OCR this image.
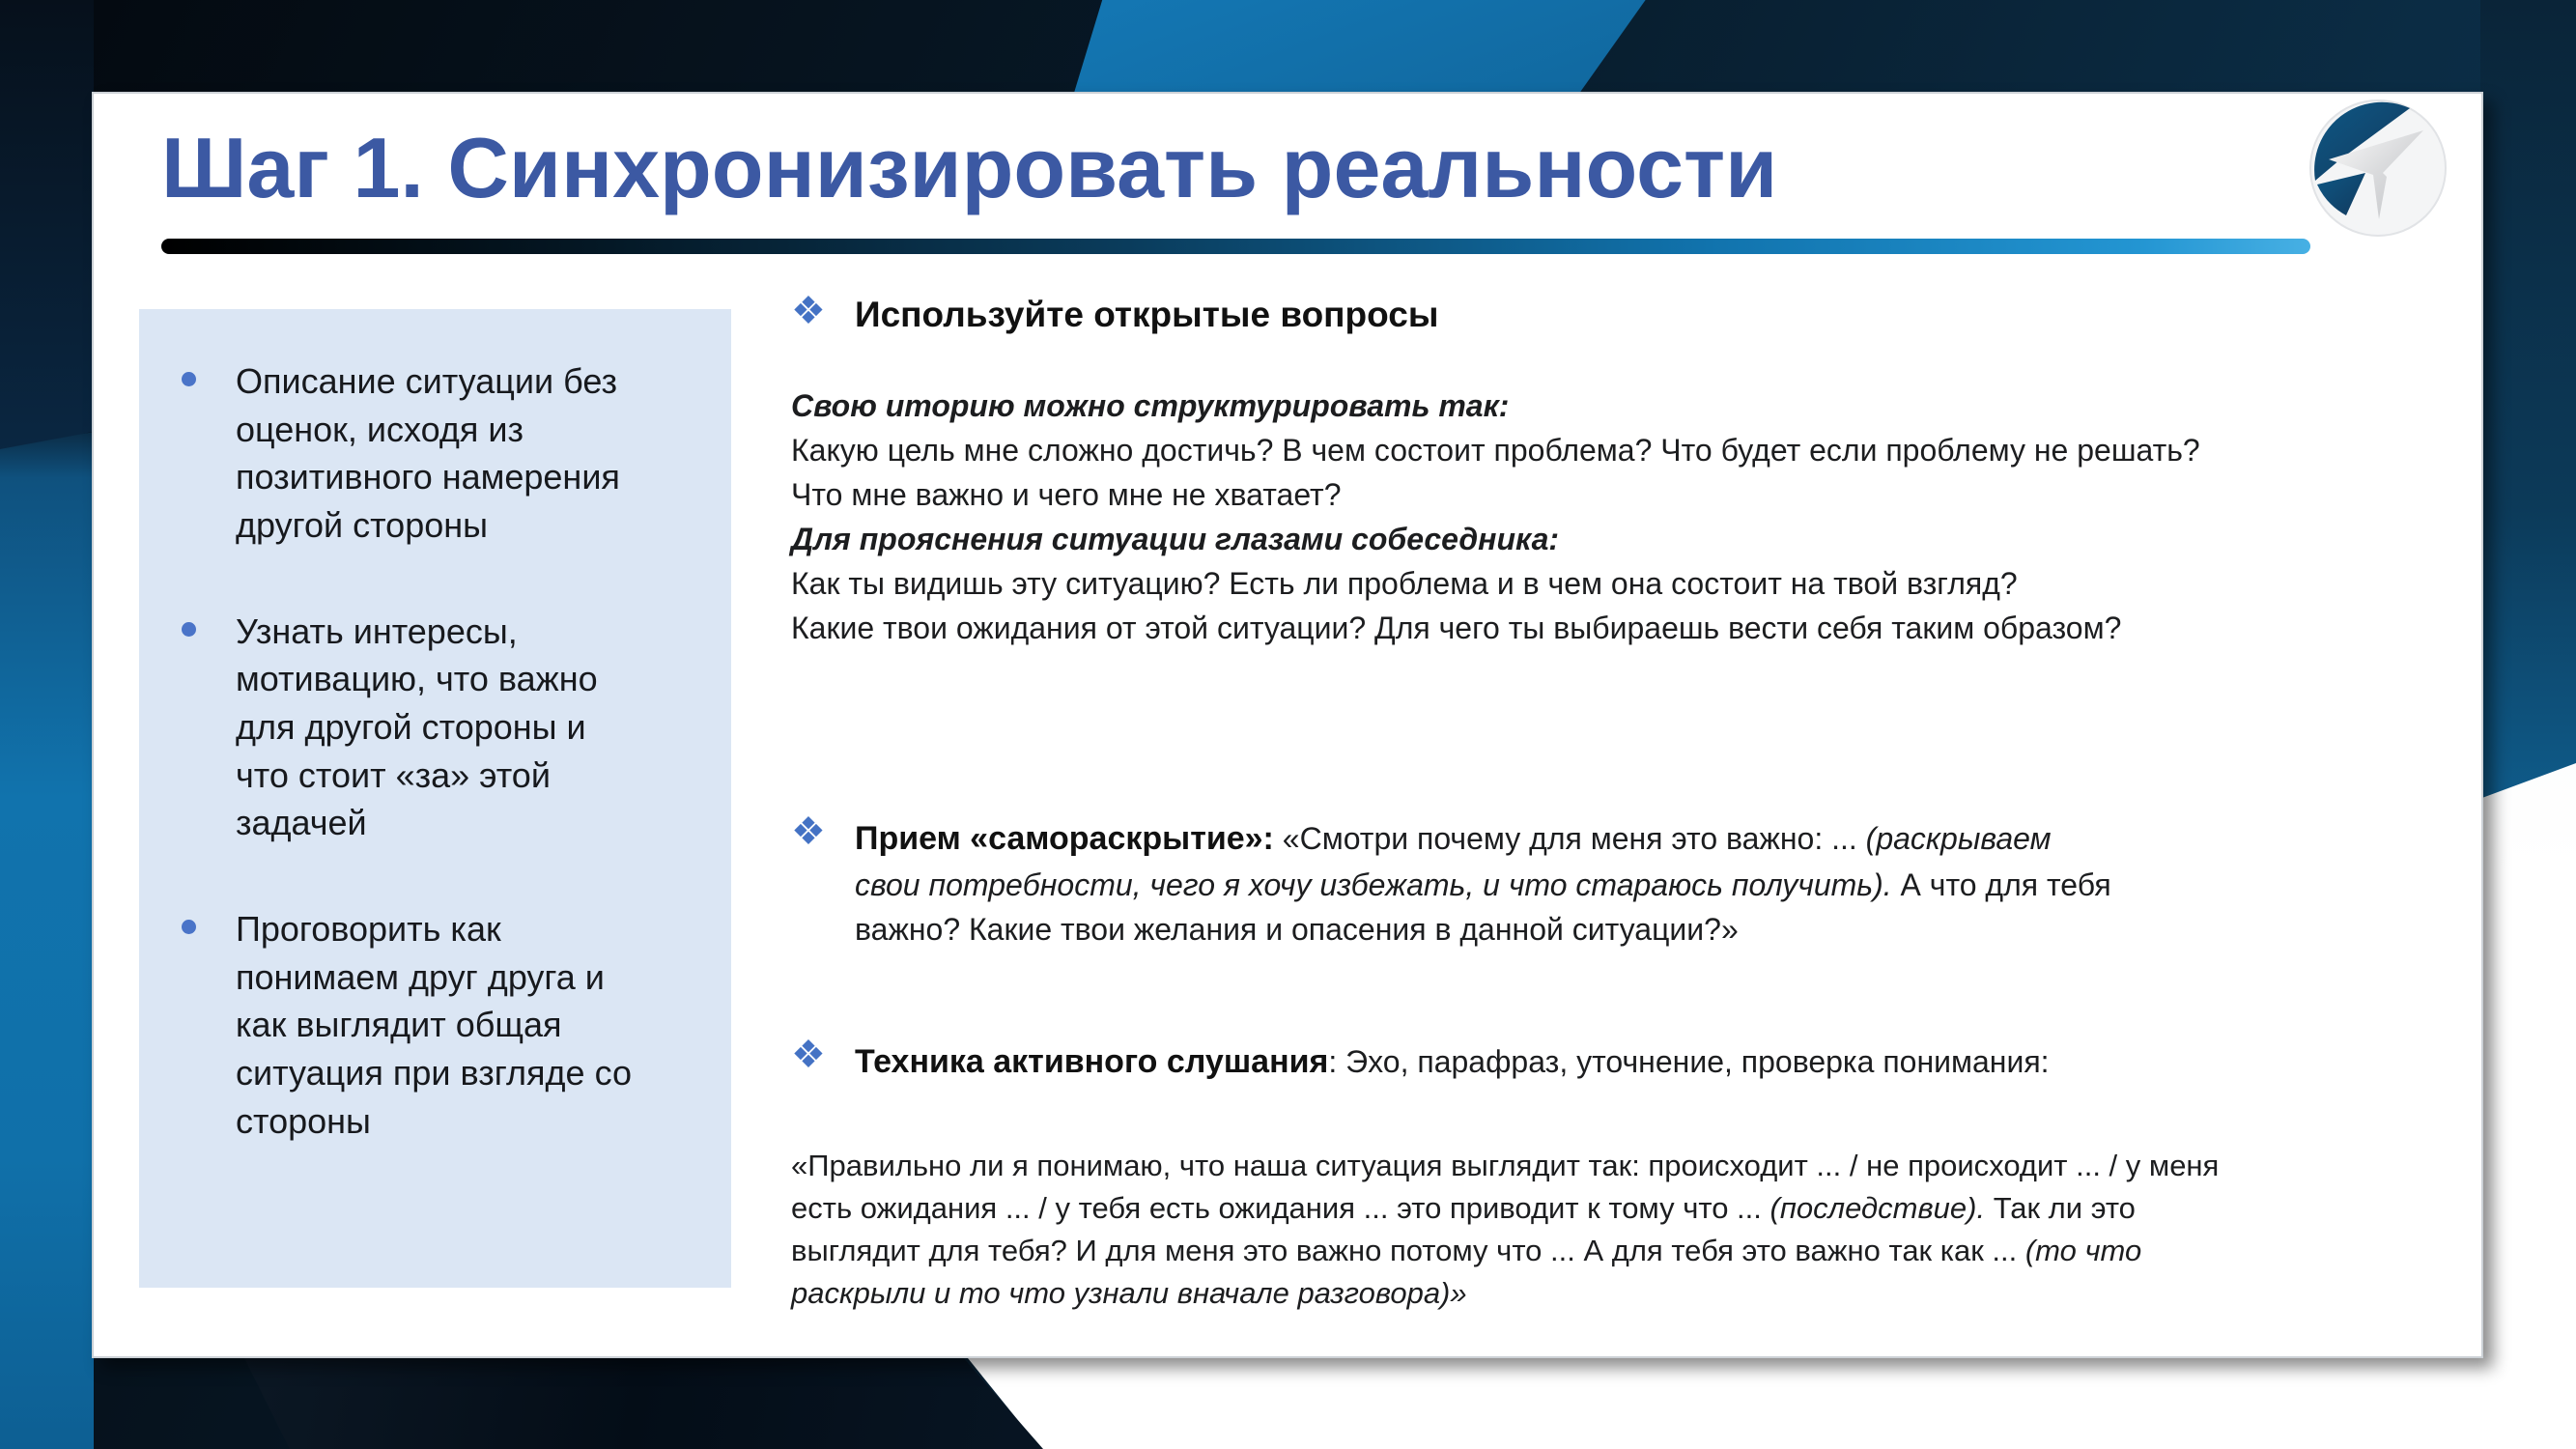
Шаг 1. Синхронизировать реальности
Описание ситуации без оценок, исходя из позитивного намерения другой стороны
Узнать интересы, мотивацию, что важно для другой стороны и что стоит «за» этой задачей
Проговорить как понимаем друг друга и как выглядит общая ситуация при взгляде со стороны
❖ Используйте открытые вопросы

Свою иторию можно структурировать так:

Какую цель мне сложно достичь? В чем состоит проблема? Что будет если проблему не решать? Что мне важно и чего мне не хватает?

Для прояснения ситуации глазами собеседника:

Как ты видишь эту ситуацию? Есть ли проблема и в чем она состоит на твой взгляд?

Какие твои ожидания от этой ситуации? Для чего ты выбираешь вести себя таким образом?

❖ Прием «самораскрытие»: «Смотри почему для меня это важно: ... (раскрываем свои потребности, чего я хочу избежать, и что стараюсь получить). А что для тебя важно? Какие твои желания и опасения в данной ситуации?»
❖ Техника активного слушания: Эхо, парафраз, уточнение, проверка понимания:
«Правильно ли я понимаю, что наша ситуация выглядит так: происходит ... / не происходит ... / у меня есть ожидания ... / у тебя есть ожидания ... это приводит к тому что ... (последствие). Так ли это выглядит для тебя? И для меня это важно потому что ... А для тебя это важно так как ... (то что раскрыли и то что узнали вначале разговора)»
